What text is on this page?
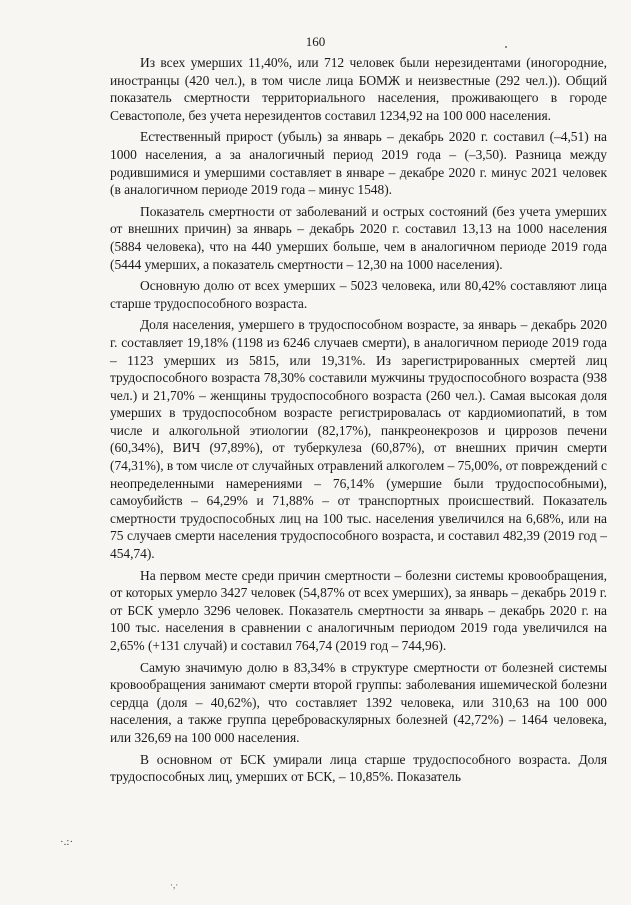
160

Из всех умерших 11,40%, или 712 человек были нерезидентами (иногородние, иностранцы (420 чел.), в том числе лица БОМЖ и неизвестные (292 чел.)). Общий показатель смертности территориального населения, проживающего в городе Севастополе, без учета нерезидентов составил 1234,92 на 100 000 населения.

Естественный прирост (убыль) за январь – декабрь 2020 г. составил (–4,51) на 1000 населения, а за аналогичный период 2019 года – (–3,50). Разница между родившимися и умершими составляет в январе – декабре 2020 г. минус 2021 человек (в аналогичном периоде 2019 года – минус 1548).

Показатель смертности от заболеваний и острых состояний (без учета умерших от внешних причин) за январь – декабрь 2020 г. составил 13,13 на 1000 населения (5884 человека), что на 440 умерших больше, чем в аналогичном периоде 2019 года (5444 умерших, а показатель смертности – 12,30 на 1000 населения).

Основную долю от всех умерших – 5023 человека, или 80,42% составляют лица старше трудоспособного возраста.

Доля населения, умершего в трудоспособном возрасте, за январь – декабрь 2020 г. составляет 19,18% (1198 из 6246 случаев смерти), в аналогичном периоде 2019 года – 1123 умерших из 5815, или 19,31%. Из зарегистрированных смертей лиц трудоспособного возраста 78,30% составили мужчины трудоспособного возраста (938 чел.) и 21,70% – женщины трудоспособного возраста (260 чел.). Самая высокая доля умерших в трудоспособном возрасте регистрировалась от кардиомиопатий, в том числе и алкогольной этиологии (82,17%), панкреонекрозов и циррозов печени (60,34%), ВИЧ (97,89%), от туберкулеза (60,87%), от внешних причин смерти (74,31%), в том числе от случайных отравлений алкоголем – 75,00%, от повреждений с неопределенными намерениями – 76,14% (умершие были трудоспособными), самоубийств – 64,29% и 71,88% – от транспортных происшествий. Показатель смертности трудоспособных лиц на 100 тыс. населения увеличился на 6,68%, или на 75 случаев смерти населения трудоспособного возраста, и составил 482,39 (2019 год – 454,74).

На первом месте среди причин смертности – болезни системы кровообращения, от которых умерло 3427 человек (54,87% от всех умерших), за январь – декабрь 2019 г. от БСК умерло 3296 человек. Показатель смертности за январь – декабрь 2020 г. на 100 тыс. населения в сравнении с аналогичным периодом 2019 года увеличился на 2,65% (+131 случай) и составил 764,74 (2019 год – 744,96).

Самую значимую долю в 83,34% в структуре смертности от болезней системы кровообращения занимают смерти второй группы: заболевания ишемической болезни сердца (доля – 40,62%), что составляет 1392 человека, или 310,63 на 100 000 населения, а также группа цереброваскулярных болезней (42,72%) – 1464 человека, или 326,69 на 100 000 населения.

В основном от БСК умирали лица старше трудоспособного возраста. Доля трудоспособных лиц, умерших от БСК, – 10,85%. Показатель

·.:·
·,·
